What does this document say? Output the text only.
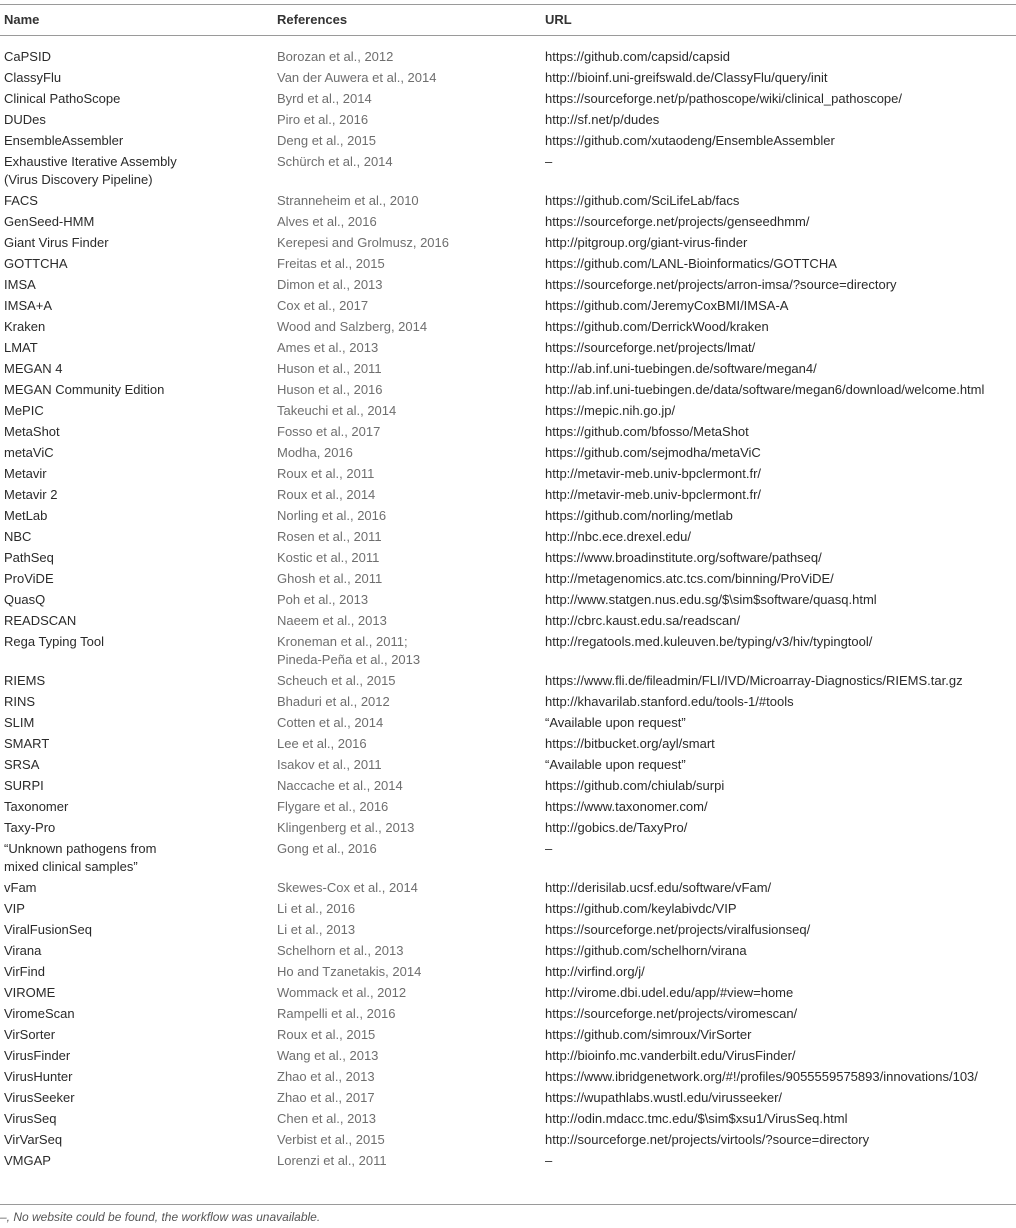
Name	References	URL

CaPSID	Borozan et al., 2012	https://github.com/capsid/capsid

ClassyFlu	Van der Auwera et al., 2014	http://bioinf.uni-greifswald.de/ClassyFlu/query/init

Clinical PathoScope	Byrd et al., 2014	https://sourceforge.net/p/pathoscope/wiki/clinical_pathoscope/

DUDes	Piro et al., 2016	http://sf.net/p/dudes

EnsembleAssembler	Deng et al., 2015	https://github.com/xutaodeng/EnsembleAssembler

Exhaustive Iterative Assembly
(Virus Discovery Pipeline)	Schürch et al., 2014	–

FACS	Stranneheim et al., 2010	https://github.com/SciLifeLab/facs

GenSeed-HMM	Alves et al., 2016	https://sourceforge.net/projects/genseedhmm/

Giant Virus Finder	Kerepesi and Grolmusz, 2016	http://pitgroup.org/giant-virus-finder

GOTTCHA	Freitas et al., 2015	https://github.com/LANL-Bioinformatics/GOTTCHA

IMSA	Dimon et al., 2013	https://sourceforge.net/projects/arron-imsa/?source=directory

IMSA+A	Cox et al., 2017	https://github.com/JeremyCoxBMI/IMSA-A

Kraken	Wood and Salzberg, 2014	https://github.com/DerrickWood/kraken

LMAT	Ames et al., 2013	https://sourceforge.net/projects/lmat/

MEGAN 4	Huson et al., 2011	http://ab.inf.uni-tuebingen.de/software/megan4/

MEGAN Community Edition	Huson et al., 2016	http://ab.inf.uni-tuebingen.de/data/software/megan6/download/welcome.html

MePIC	Takeuchi et al., 2014	https://mepic.nih.go.jp/

MetaShot	Fosso et al., 2017	https://github.com/bfosso/MetaShot

metaViC	Modha, 2016	https://github.com/sejmodha/metaViC

Metavir	Roux et al., 2011	http://metavir-meb.univ-bpclermont.fr/

Metavir 2	Roux et al., 2014	http://metavir-meb.univ-bpclermont.fr/

MetLab	Norling et al., 2016	https://github.com/norling/metlab

NBC	Rosen et al., 2011	http://nbc.ece.drexel.edu/

PathSeq	Kostic et al., 2011	https://www.broadinstitute.org/software/pathseq/

ProViDE	Ghosh et al., 2011	http://metagenomics.atc.tcs.com/binning/ProViDE/

QuasQ	Poh et al., 2013	http://www.statgen.nus.edu.sg/$\sim$software/quasq.html

READSCAN	Naeem et al., 2013	http://cbrc.kaust.edu.sa/readscan/

Rega Typing Tool	Kroneman et al., 2011;
Pineda-Peña et al., 2013	http://regatools.med.kuleuven.be/typing/v3/hiv/typingtool/

RIEMS	Scheuch et al., 2015	https://www.fli.de/fileadmin/FLI/IVD/Microarray-Diagnostics/RIEMS.tar.gz

RINS	Bhaduri et al., 2012	http://khavarilab.stanford.edu/tools-1/#tools

SLIM	Cotten et al., 2014	“Available upon request”

SMART	Lee et al., 2016	https://bitbucket.org/ayl/smart

SRSA	Isakov et al., 2011	“Available upon request”

SURPI	Naccache et al., 2014	https://github.com/chiulab/surpi

Taxonomer	Flygare et al., 2016	https://www.taxonomer.com/

Taxy-Pro	Klingenberg et al., 2013	http://gobics.de/TaxyPro/

“Unknown pathogens from
mixed clinical samples”	Gong et al., 2016	–

vFam	Skewes-Cox et al., 2014	http://derisilab.ucsf.edu/software/vFam/

VIP	Li et al., 2016	https://github.com/keylabivdc/VIP

ViralFusionSeq	Li et al., 2013	https://sourceforge.net/projects/viralfusionseq/

Virana	Schelhorn et al., 2013	https://github.com/schelhorn/virana

VirFind	Ho and Tzanetakis, 2014	http://virfind.org/j/

VIROME	Wommack et al., 2012	http://virome.dbi.udel.edu/app/#view=home

ViromeScan	Rampelli et al., 2016	https://sourceforge.net/projects/viromescan/

VirSorter	Roux et al., 2015	https://github.com/simroux/VirSorter

VirusFinder	Wang et al., 2013	http://bioinfo.mc.vanderbilt.edu/VirusFinder/

VirusHunter	Zhao et al., 2013	https://www.ibridgenetwork.org/#!/profiles/9055559575893/innovations/103/

VirusSeeker	Zhao et al., 2017	https://wupathlabs.wustl.edu/virusseeker/

VirusSeq	Chen et al., 2013	http://odin.mdacc.tmc.edu/$\sim$xsu1/VirusSeq.html

VirVarSeq	Verbist et al., 2015	http://sourceforge.net/projects/virtools/?source=directory

VMGAP	Lorenzi et al., 2011	–
–, No website could be found, the workflow was unavailable.
